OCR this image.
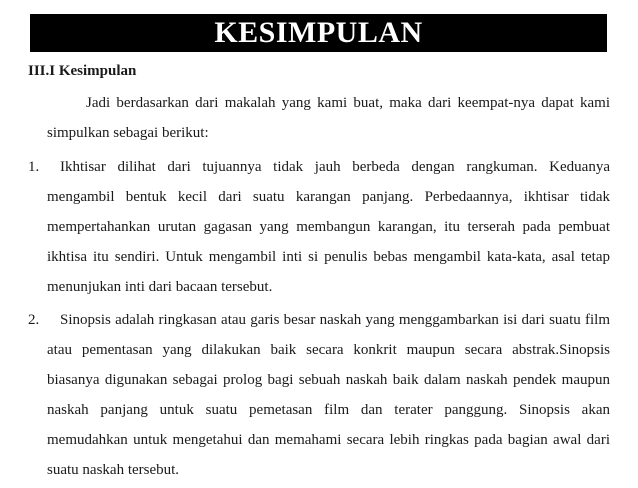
KESIMPULAN
III.I Kesimpulan

Jadi berdasarkan dari makalah yang kami buat, maka dari keempat-nya dapat kami simpulkan sebagai berikut:

1. Ikhtisar dilihat dari tujuannya tidak jauh berbeda dengan rangkuman. Keduanya mengambil bentuk kecil dari suatu karangan panjang. Perbedaannya, ikhtisar tidak mempertahankan urutan gagasan yang membangun karangan, itu terserah pada pembuat ikhtisa itu sendiri. Untuk mengambil inti si penulis bebas mengambil kata-kata, asal tetap menunjukan inti dari bacaan tersebut.
2. Sinopsis adalah ringkasan atau garis besar naskah yang menggambarkan isi dari suatu film atau pementasan yang dilakukan baik secara konkrit maupun secara abstrak.Sinopsis biasanya digunakan sebagai prolog bagi sebuah naskah baik dalam naskah pendek maupun naskah panjang untuk suatu pemetasan film dan terater panggung. Sinopsis akan memudahkan untuk mengetahui dan memahami secara lebih ringkas pada bagian awal dari suatu naskah tersebut.
